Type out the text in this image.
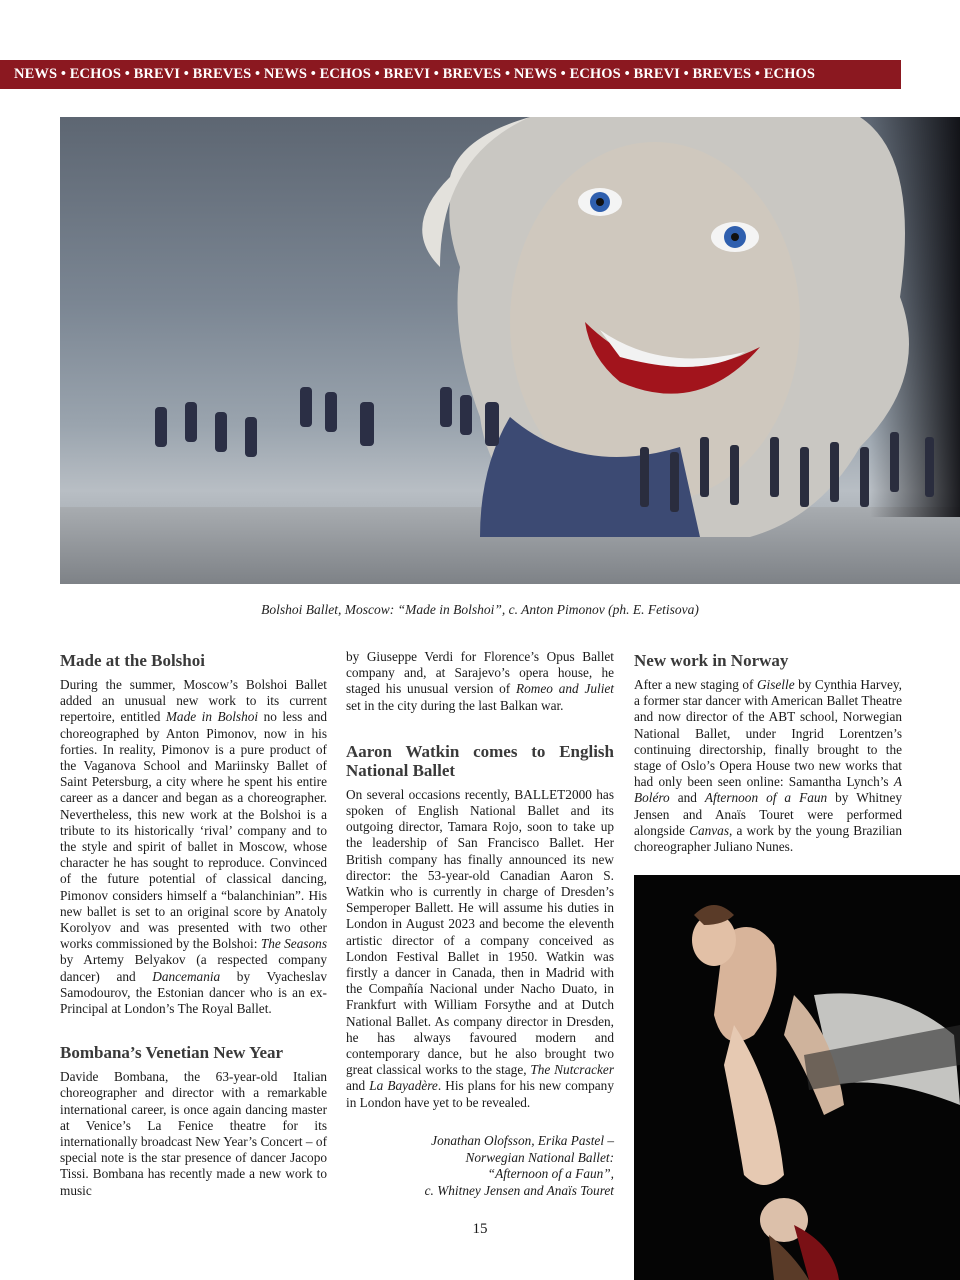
NEWS • ECHOS • BREVI • BREVES • NEWS • ECHOS • BREVI • BREVES • NEWS • ECHOS • BREVI • BREVES • ECHOS
Bolshoi Ballet, Moscow: “Made in Bolshoi”, c. Anton Pimonov (ph. E. Fetisova)
Made at the Bolshoi

During the summer, Moscow’s Bolshoi Ballet added an unusual new work to its current repertoire, entitled Made in Bolshoi no less and choreographed by Anton Pimonov, now in his forties. In reality, Pimonov is a pure product of the Vaganova School and Mariinsky Ballet of Saint Petersburg, a city where he spent his entire career as a dancer and began as a choreographer. Nevertheless, this new work at the Bolshoi is a tribute to its historically ‘rival’ company and to the style and spirit of ballet in Moscow, whose character he has sought to reproduce. Convinced of the future potential of classical dancing, Pimonov considers himself a “balanchinian”. His new ballet is set to an original score by Anatoly Korolyov and was presented with two other works commissioned by the Bolshoi: The Seasons by Artemy Belyakov (a respected company dancer) and Dancemania by Vyacheslav Samodourov, the Estonian dancer who is an ex-Principal at London’s The Royal Ballet.

Bombana’s Venetian New Year

Davide Bombana, the 63-year-old Italian choreographer and director with a remarkable international career, is once again dancing master at Venice’s La Fenice theatre for its internationally broadcast New Year’s Concert – of special note is the star presence of dancer Jacopo Tissi. Bombana has recently made a new work to music

by Giuseppe Verdi for Florence’s Opus Ballet company and, at Sarajevo’s opera house, he staged his unusual version of Romeo and Juliet set in the city during the last Balkan war.

Aaron Watkin comes to English National Ballet

On several occasions recently, BALLET2000 has spoken of English National Ballet and its outgoing director, Tamara Rojo, soon to take up the leadership of San Francisco Ballet. Her British company has finally announced its new director: the 53-year-old Canadian Aaron S. Watkin who is currently in charge of Dresden’s Semperoper Ballett. He will assume his duties in London in August 2023 and become the eleventh artistic director of a company conceived as London Festival Ballet in 1950. Watkin was firstly a dancer in Canada, then in Madrid with the Compañía Nacional under Nacho Duato, in Frankfurt with William Forsythe and at Dutch National Ballet. As company director in Dresden, he has always favoured modern and contemporary dance, but he also brought two great classical works to the stage, The Nutcracker and La Bayadère. His plans for his new company in London have yet to be revealed.

New work in Norway

After a new staging of Giselle by Cynthia Harvey, a former star dancer with American Ballet Theatre and now director of the ABT school, Norwegian National Ballet, under Ingrid Lorentzen’s continuing directorship, finally brought to the stage of Oslo’s Opera House two new works that had only been seen online: Samantha Lynch’s A Boléro and Afternoon of a Faun by Whitney Jensen and Anaïs Touret were performed alongside Canvas, a work by the young Brazilian choreographer Juliano Nunes.

Jonathan Olofsson, Erika Pastel –
Norwegian National Ballet:
“Afternoon of a Faun”,
c. Whitney Jensen and Anaïs Touret
15
